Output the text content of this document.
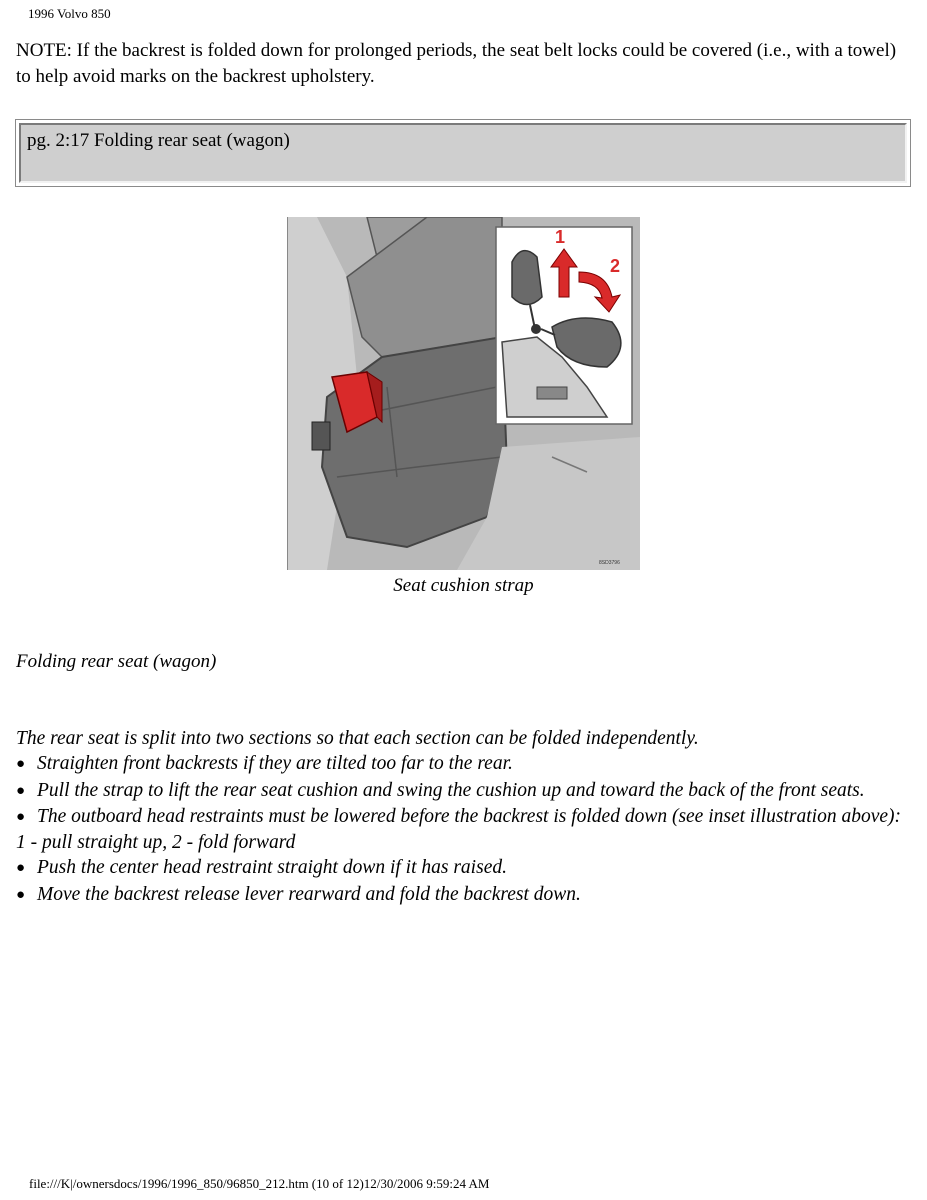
1996 Volvo 850
NOTE: If the backrest is folded down for prolonged periods, the seat belt locks could be covered (i.e., with a towel) to help avoid marks on the backrest upholstery.
pg. 2:17 Folding rear seat (wagon)
1
2
8SD3796
Seat cushion strap
Folding rear seat (wagon)

The rear seat is split into two sections so that each section can be folded independently.

● Straighten front backrests if they are tilted too far to the rear.

● Pull the strap to lift the rear seat cushion and swing the cushion up and toward the back of the front seats.

● The outboard head restraints must be lowered before the backrest is folded down (see inset illustration above):

1 - pull straight up, 2 - fold forward

● Push the center head restraint straight down if it has raised.

● Move the backrest release lever rearward and fold the backrest down.

file:///K|/ownersdocs/1996/1996_850/96850_212.htm (10 of 12)12/30/2006 9:59:24 AM
